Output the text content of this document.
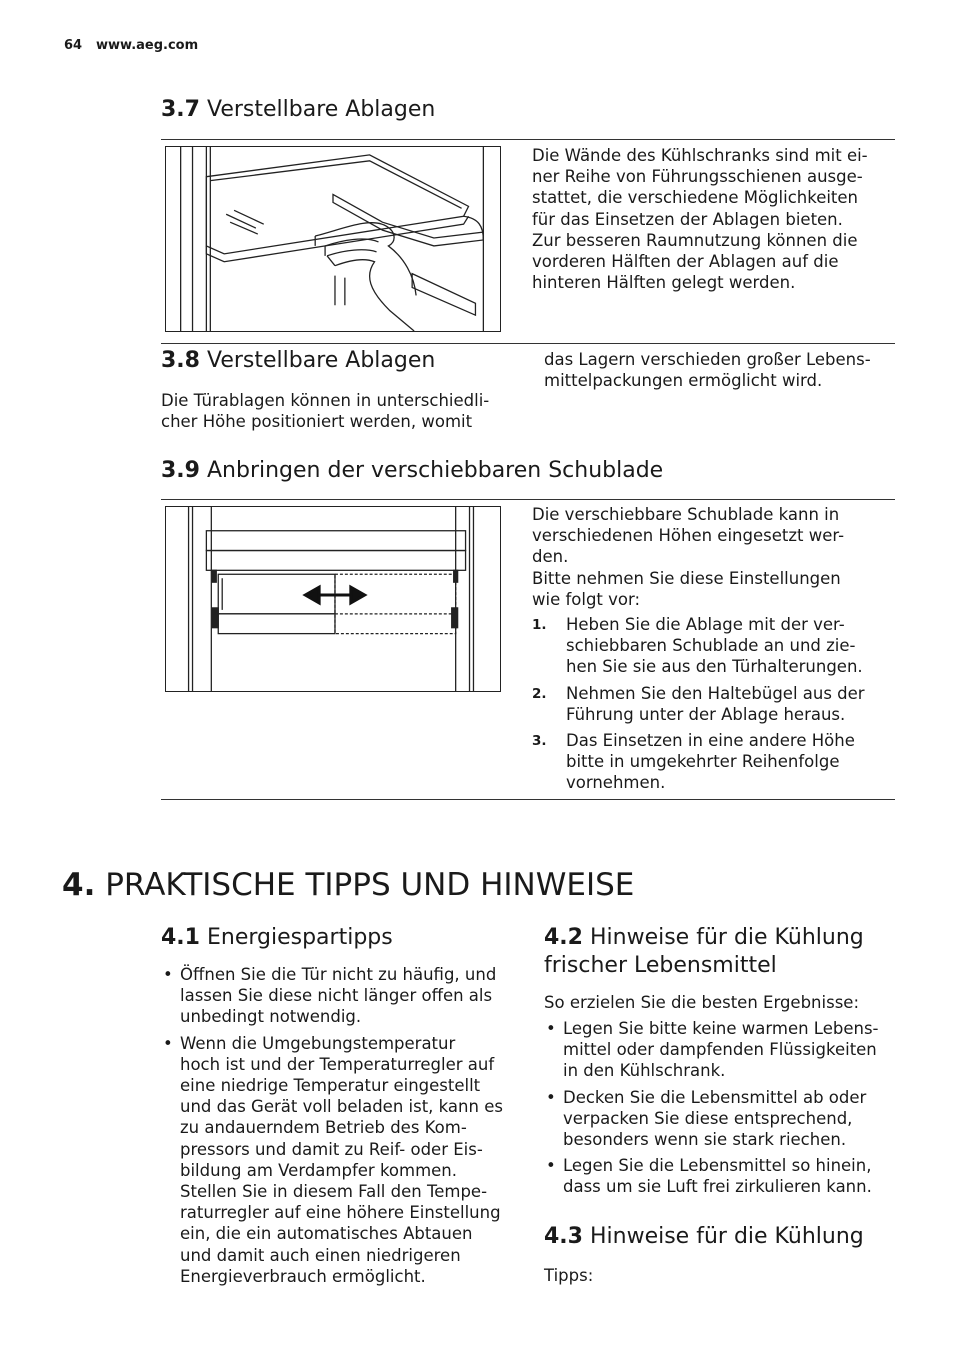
64 www.aeg.com
3.7 Verstellbare Ablagen
Die Wände des Kühlschranks sind mit ei-
ner Reihe von Führungsschienen ausge-
stattet, die verschiedene Möglichkeiten
für das Einsetzen der Ablagen bieten.
Zur besseren Raumnutzung können die
vorderen Hälften der Ablagen auf die
hinteren Hälften gelegt werden.
3.8 Verstellbare Ablagen
Die Türablagen können in unterschiedli-
cher Höhe positioniert werden, womit
das Lagern verschieden großer Lebens-
mittelpackungen ermöglicht wird.
3.9 Anbringen der verschiebbaren Schublade
Die verschiebbare Schublade kann in
verschiedenen Höhen eingesetzt wer-
den.
Bitte nehmen Sie diese Einstellungen
wie folgt vor:
1. Heben Sie die Ablage mit der ver-
schiebbaren Schublade an und zie-
hen Sie sie aus den Türhalterungen.
2. Nehmen Sie den Haltebügel aus der
Führung unter der Ablage heraus.
3. Das Einsetzen in eine andere Höhe
bitte in umgekehrter Reihenfolge
vornehmen.
4. PRAKTISCHE TIPPS UND HINWEISE
4.1 Energiespartipps
• Öffnen Sie die Tür nicht zu häufig, und
lassen Sie diese nicht länger offen als
unbedingt notwendig.
• Wenn die Umgebungstemperatur
hoch ist und der Temperaturregler auf
eine niedrige Temperatur eingestellt
und das Gerät voll beladen ist, kann es
zu andauerndem Betrieb des Kom-
pressors und damit zu Reif- oder Eis-
bildung am Verdampfer kommen.
Stellen Sie in diesem Fall den Tempe-
raturregler auf eine höhere Einstellung
ein, die ein automatisches Abtauen
und damit auch einen niedrigeren
Energieverbrauch ermöglicht.
4.2 Hinweise für die Kühlung
frischer Lebensmittel
So erzielen Sie die besten Ergebnisse:
• Legen Sie bitte keine warmen Lebens-
mittel oder dampfenden Flüssigkeiten
in den Kühlschrank.
• Decken Sie die Lebensmittel ab oder
verpacken Sie diese entsprechend,
besonders wenn sie stark riechen.
• Legen Sie die Lebensmittel so hinein,
dass um sie Luft frei zirkulieren kann.
4.3 Hinweise für die Kühlung
Tipps:
